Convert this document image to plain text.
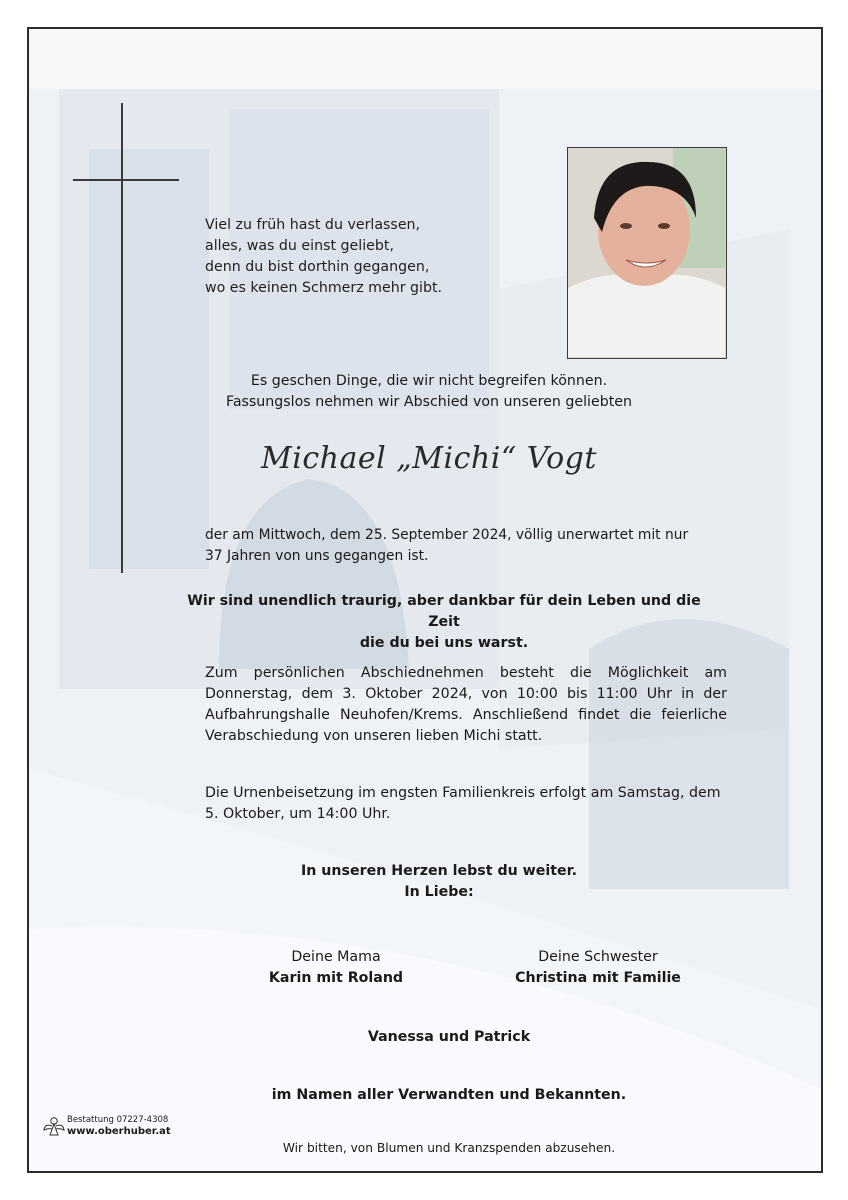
Viel zu früh hast du verlassen,
alles, was du einst geliebt,
denn du bist dorthin gegangen,
wo es keinen Schmerz mehr gibt.
Es geschen Dinge, die wir nicht begreifen können.
Fassungslos nehmen wir Abschied von unseren geliebten
Michael „Michi“ Vogt
der am Mittwoch, dem 25. September 2024, völlig unerwartet mit nur
37 Jahren von uns gegangen ist.
Wir sind unendlich traurig, aber dankbar für dein Leben und die Zeit
die du bei uns warst.
Zum persönlichen Abschiednehmen besteht die Möglichkeit am Donnerstag, dem 3. Oktober 2024, von 10:00 bis 11:00 Uhr in der Aufbahrungshalle Neuhofen/Krems. Anschließend findet die feierliche Verabschiedung von unseren lieben Michi statt.
Die Urnenbeisetzung im engsten Familienkreis erfolgt am Samstag, dem
5. Oktober, um 14:00 Uhr.
In unseren Herzen lebst du weiter.
In Liebe:
Deine Mama
Karin mit Roland
Deine Schwester
Christina mit Familie
Vanessa und Patrick
im Namen aller Verwandten und Bekannten.
Wir bitten, von Blumen und Kranzspenden abzusehen.
Bestattung 07227-4308
www.oberhuber.at
